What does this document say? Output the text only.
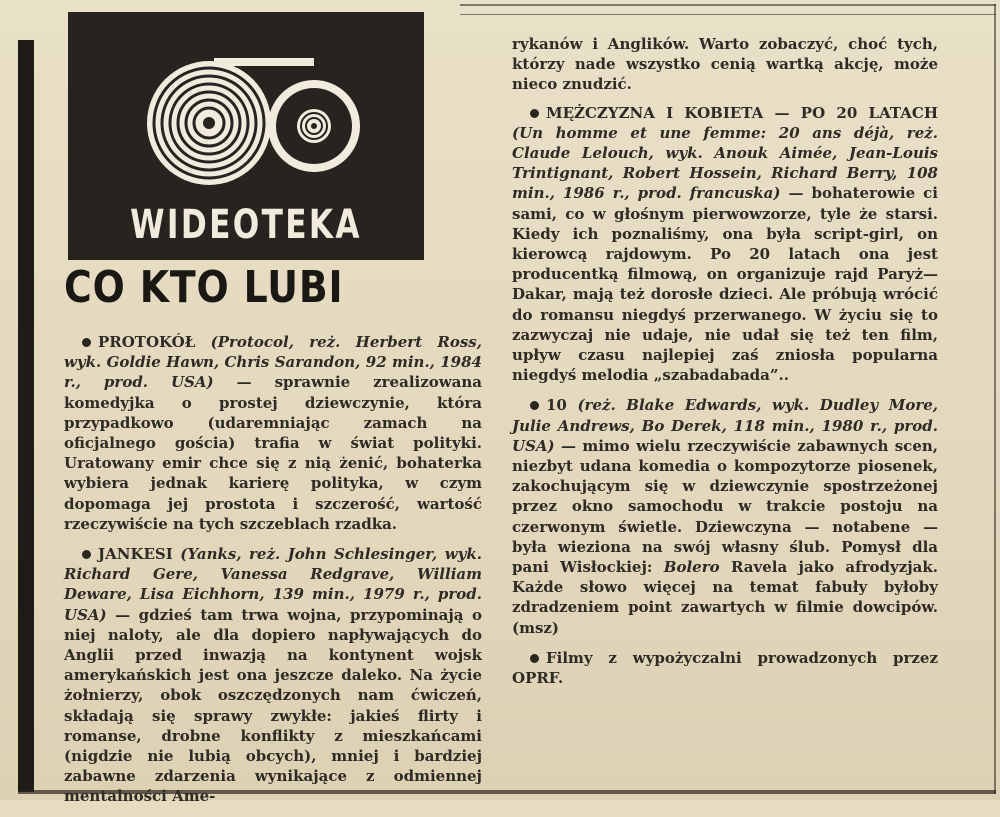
WIDEOTEKA
CO KTO LUBI

PROTOKÓŁ (Protocol, reż. Herbert Ross, wyk. Goldie Hawn, Chris Sarandon, 92 min., 1984 r., prod. USA) — sprawnie zrealizowana komedyjka o prostej dziewczynie, która przypadkowo (udaremniając zamach na oficjalnego gościa) trafia w świat polityki. Uratowany emir chce się z nią żenić, bohaterka wybiera jednak karierę polityka, w czym dopomaga jej prostota i szczerość, wartość rzeczywiście na tych szczeblach rzadka.

JANKESI (Yanks, reż. John Schlesinger, wyk. Richard Gere, Vanessa Redgrave, William Deware, Lisa Eichhorn, 139 min., 1979 r., prod. USA) — gdzieś tam trwa wojna, przypominają o niej naloty, ale dla dopiero napływających do Anglii przed inwazją na kontynent wojsk amerykańskich jest ona jeszcze daleko. Na życie żołnierzy, obok oszczędzonych nam ćwiczeń, składają się sprawy zwykłe: jakieś flirty i romanse, drobne konflikty z mieszkańcami (nigdzie nie lubią obcych), mniej i bardziej zabawne zdarzenia wynikające z odmiennej mentalności Ame-

rykanów i Anglików. Warto zobaczyć, choć tych, którzy nade wszystko cenią wartką akcję, może nieco znudzić.

MĘŻCZYZNA I KOBIETA — PO 20 LATACH (Un homme et une femme: 20 ans déjà, reż. Claude Lelouch, wyk. Anouk Aimée, Jean-Louis Trintignant, Robert Hossein, Richard Berry, 108 min., 1986 r., prod. francuska) — bohaterowie ci sami, co w głośnym pierwowzorze, tyle że starsi. Kiedy ich poznaliśmy, ona była script-girl, on kierowcą rajdowym. Po 20 latach ona jest producentką filmową, on organizuje rajd Paryż—Dakar, mają też dorosłe dzieci. Ale próbują wrócić do romansu niegdyś przerwanego. W życiu się to zazwyczaj nie udaje, nie udał się też ten film, upływ czasu najlepiej zaś zniosła popularna niegdyś melodia „szabadabada”..

10 (reż. Blake Edwards, wyk. Dudley More, Julie Andrews, Bo Derek, 118 min., 1980 r., prod. USA) — mimo wielu rzeczywiście zabawnych scen, niezbyt udana komedia o kompozytorze piosenek, zakochującym się w dziewczynie spostrzeżonej przez okno samochodu w trakcie postoju na czerwonym świetle. Dziewczyna — notabene — była wieziona na swój własny ślub. Pomysł dla pani Wisłockiej: Bolero Ravela jako afrodyzjak. Każde słowo więcej na temat fabuły byłoby zdradzeniem point zawartych w filmie dowcipów. (msz)

Filmy z wypożyczalni prowadzonych przez OPRF.
